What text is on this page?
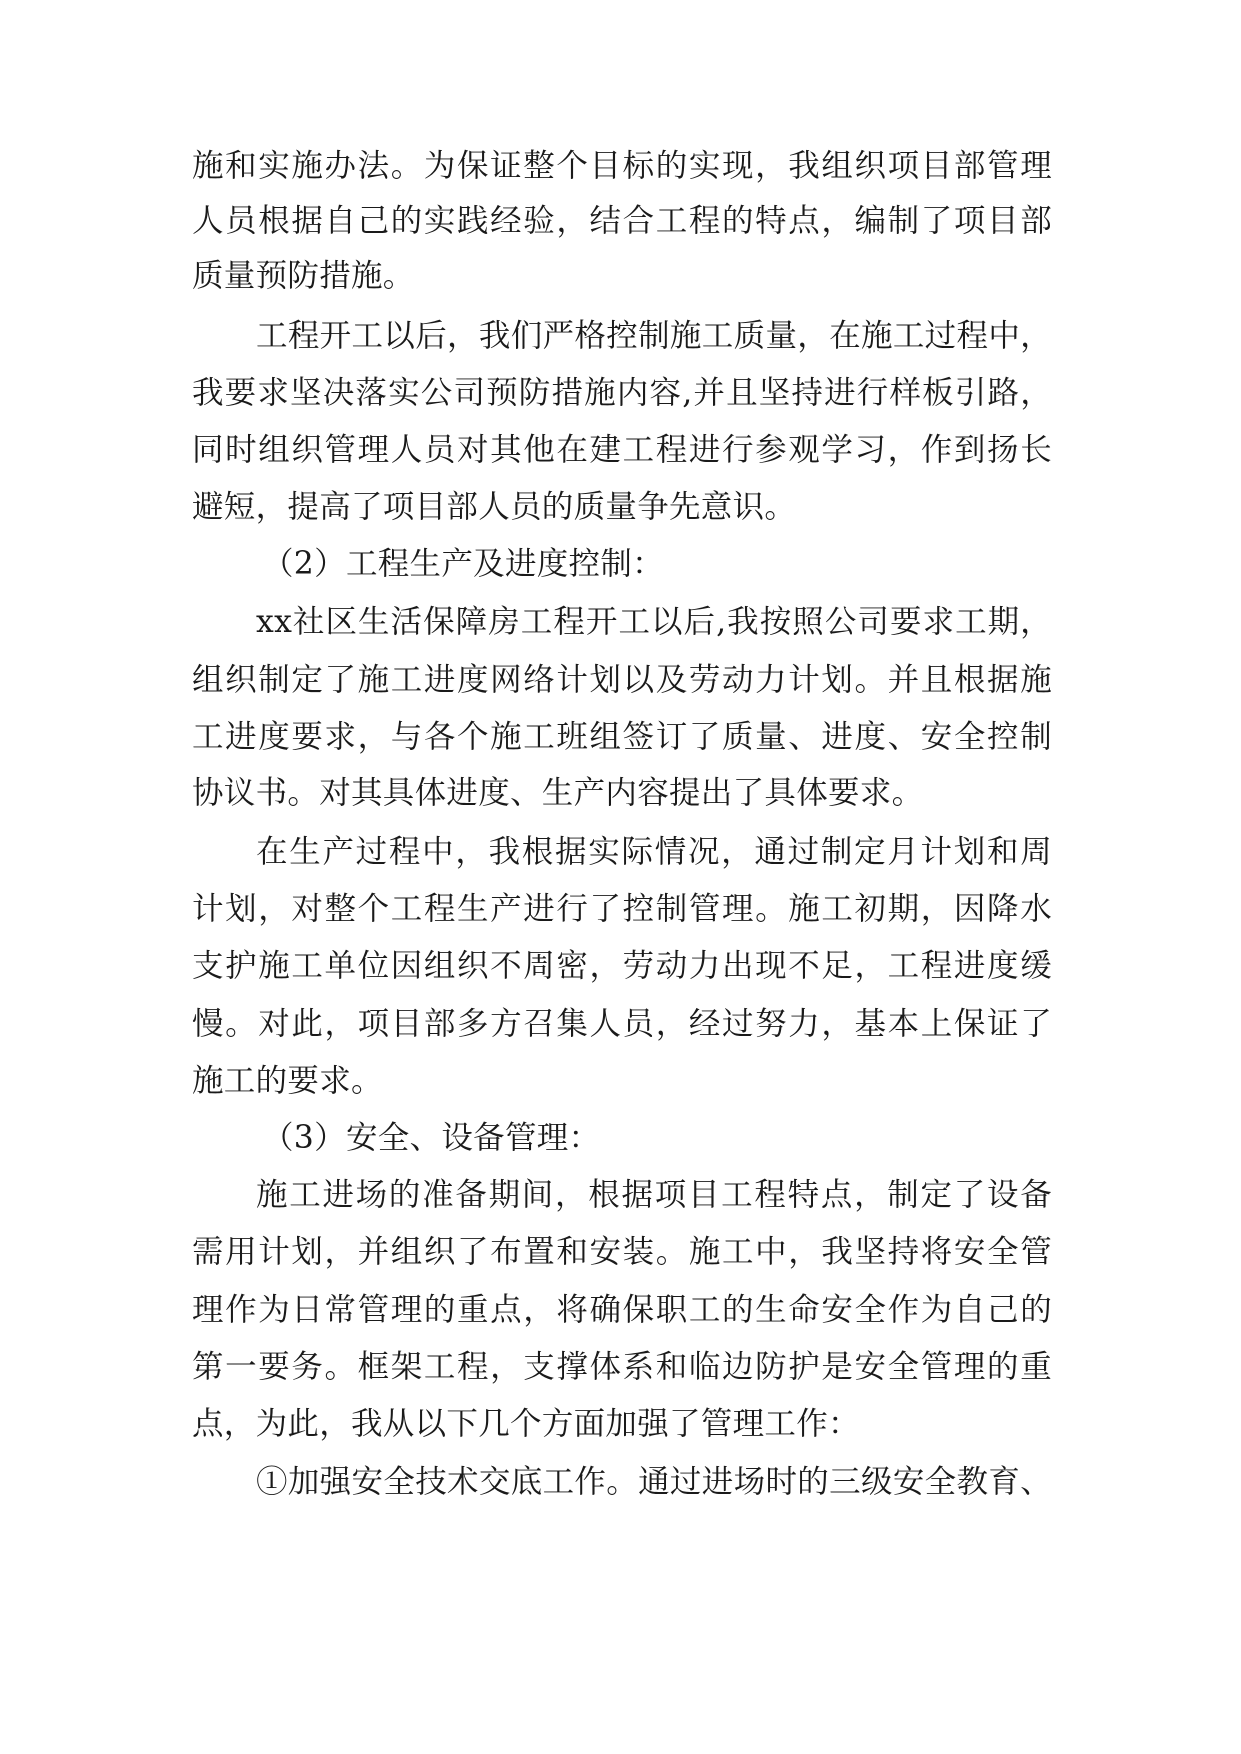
施和实施办法。为保证整个目标的实现，我组织项目部管理
人员根据自己的实践经验，结合工程的特点，编制了项目部
质量预防措施。
工程开工以后，我们严格控制施工质量，在施工过程中，
我要求坚决落实公司预防措施内容,并且坚持进行样板引路，
同时组织管理人员对其他在建工程进行参观学习，作到扬长
避短，提高了项目部人员的质量争先意识。
（2）工程生产及进度控制：
xx社区生活保障房工程开工以后,我按照公司要求工期，
组织制定了施工进度网络计划以及劳动力计划。并且根据施
工进度要求，与各个施工班组签订了质量、进度、安全控制
协议书。对其具体进度、生产内容提出了具体要求。
在生产过程中，我根据实际情况，通过制定月计划和周
计划，对整个工程生产进行了控制管理。施工初期，因降水
支护施工单位因组织不周密，劳动力出现不足，工程进度缓
慢。对此，项目部多方召集人员，经过努力，基本上保证了
施工的要求。
（3）安全、设备管理：
施工进场的准备期间，根据项目工程特点，制定了设备
需用计划，并组织了布置和安装。施工中，我坚持将安全管
理作为日常管理的重点，将确保职工的生命安全作为自己的
第一要务。框架工程，支撑体系和临边防护是安全管理的重
点，为此，我从以下几个方面加强了管理工作：
①加强安全技术交底工作。通过进场时的三级安全教育、
